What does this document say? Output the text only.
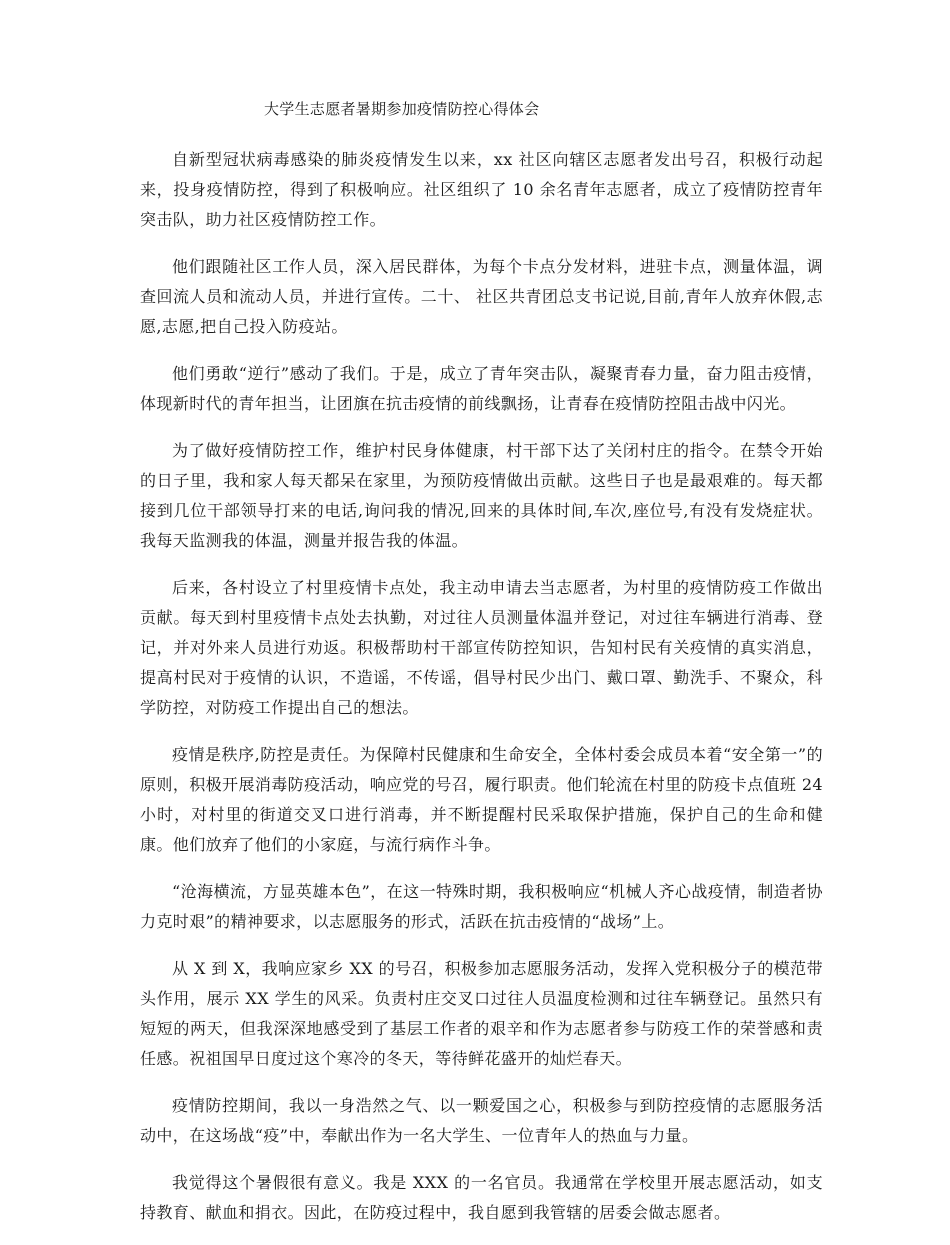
大学生志愿者暑期参加疫情防控心得体会

自新型冠状病毒感染的肺炎疫情发生以来，xx 社区向辖区志愿者发出号召，积极行动起来，投身疫情防控，得到了积极响应。社区组织了 10 余名青年志愿者，成立了疫情防控青年突击队，助力社区疫情防控工作。

他们跟随社区工作人员，深入居民群体，为每个卡点分发材料，进驻卡点，测量体温，调查回流人员和流动人员，并进行宣传。二十、 社区共青团总支书记说,目前,青年人放弃休假,志愿,志愿,把自己投入防疫站。

他们勇敢“逆行”感动了我们。于是，成立了青年突击队，凝聚青春力量，奋力阻击疫情，体现新时代的青年担当，让团旗在抗击疫情的前线飘扬，让青春在疫情防控阻击战中闪光。

为了做好疫情防控工作，维护村民身体健康，村干部下达了关闭村庄的指令。在禁令开始的日子里，我和家人每天都呆在家里，为预防疫情做出贡献。这些日子也是最艰难的。每天都接到几位干部领导打来的电话,询问我的情况,回来的具体时间,车次,座位号,有没有发烧症状。我每天监测我的体温，测量并报告我的体温。

后来，各村设立了村里疫情卡点处，我主动申请去当志愿者，为村里的疫情防疫工作做出贡献。每天到村里疫情卡点处去执勤，对过往人员测量体温并登记，对过往车辆进行消毒、登记，并对外来人员进行劝返。积极帮助村干部宣传防控知识，告知村民有关疫情的真实消息，提高村民对于疫情的认识，不造谣，不传谣，倡导村民少出门、戴口罩、勤洗手、不聚众，科学防控，对防疫工作提出自己的想法。

疫情是秩序,防控是责任。为保障村民健康和生命安全，全体村委会成员本着“安全第一”的原则，积极开展消毒防疫活动，响应党的号召，履行职责。他们轮流在村里的防疫卡点值班 24 小时，对村里的街道交叉口进行消毒，并不断提醒村民采取保护措施，保护自己的生命和健康。他们放弃了他们的小家庭，与流行病作斗争。

“沧海横流，方显英雄本色”，在这一特殊时期，我积极响应“机械人齐心战疫情，制造者协力克时艰”的精神要求，以志愿服务的形式，活跃在抗击疫情的“战场”上。

从 X 到 X，我响应家乡 XX 的号召，积极参加志愿服务活动，发挥入党积极分子的模范带头作用，展示 XX 学生的风采。负责村庄交叉口过往人员温度检测和过往车辆登记。虽然只有短短的两天，但我深深地感受到了基层工作者的艰辛和作为志愿者参与防疫工作的荣誉感和责任感。祝祖国早日度过这个寒冷的冬天，等待鲜花盛开的灿烂春天。

疫情防控期间，我以一身浩然之气、以一颗爱国之心，积极参与到防控疫情的志愿服务活动中，在这场战“疫”中，奉献出作为一名大学生、一位青年人的热血与力量。

我觉得这个暑假很有意义。我是 XXX 的一名官员。我通常在学校里开展志愿活动，如支持教育、献血和捐衣。因此，在防疫过程中，我自愿到我管辖的居委会做志愿者。
